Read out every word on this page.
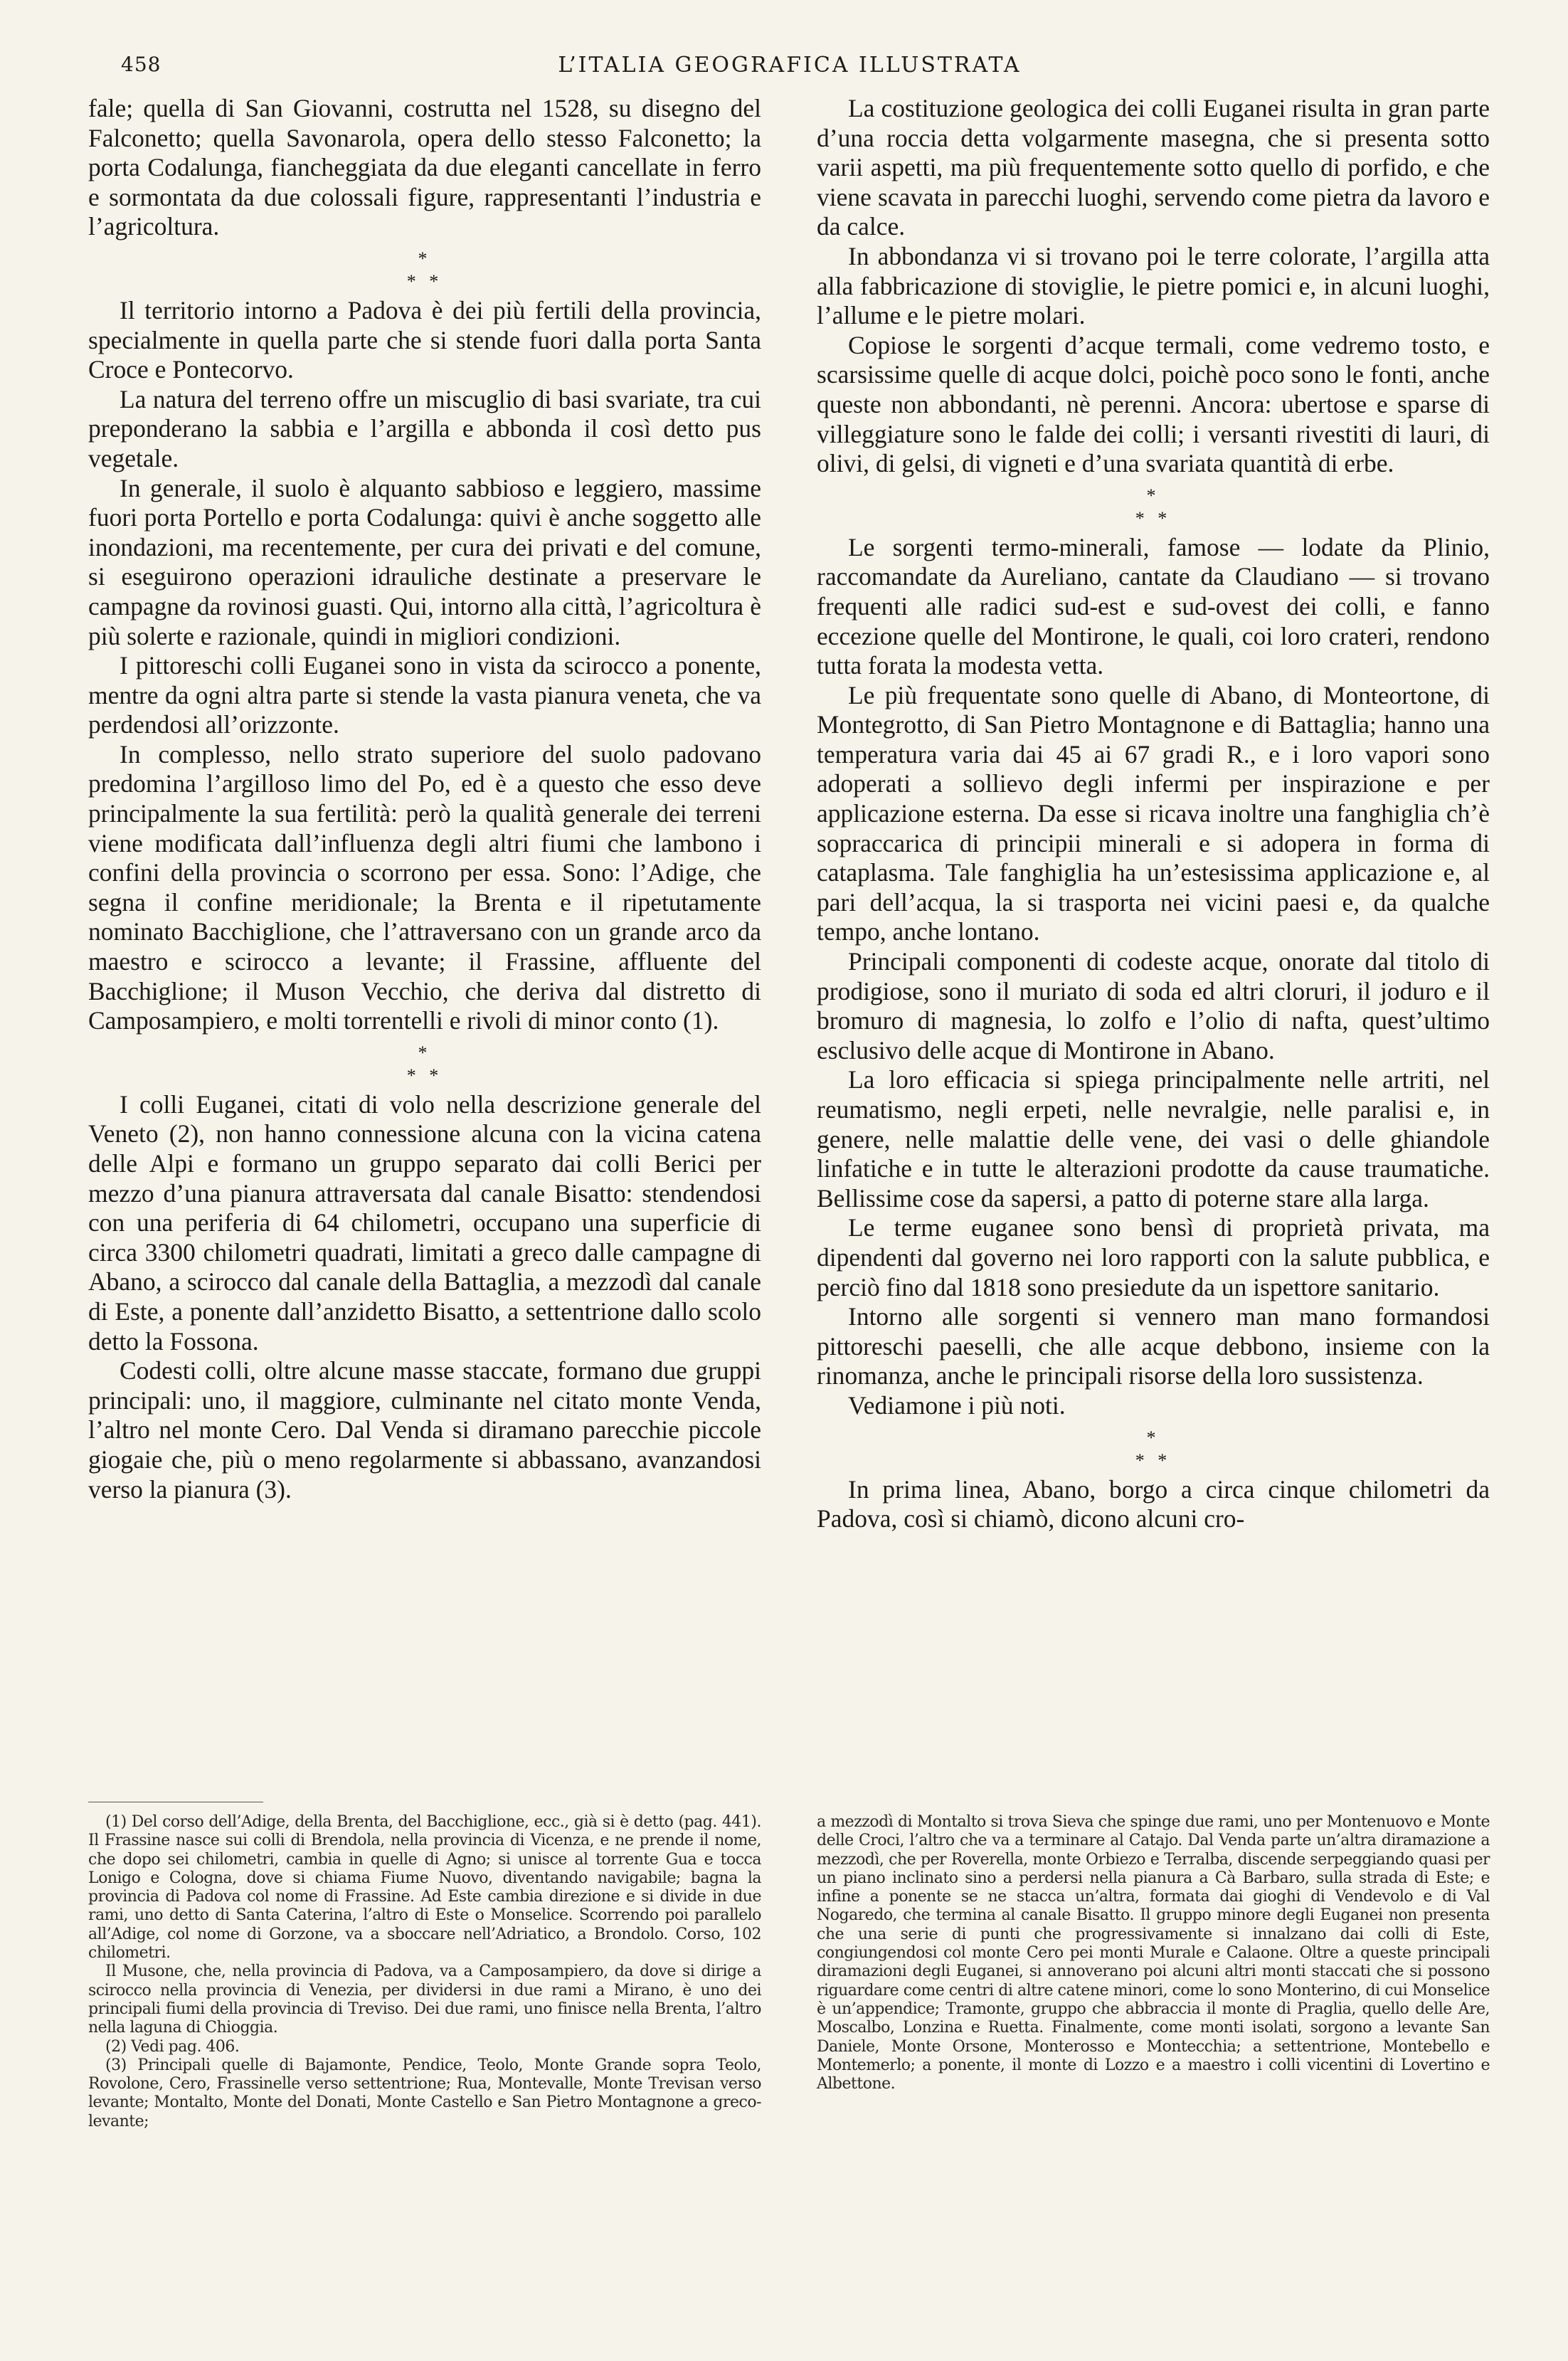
458	L’ITALIA GEOGRAFICA ILLUSTRATA

fale; quella di San Giovanni, costrutta nel 1528, su disegno del Falconetto; quella Savonarola, opera dello stesso Falconetto; la porta Codalunga, fiancheggiata da due eleganti cancellate in ferro e sormontata da due colossali figure, rappresentanti l’industria e l’agricoltura.

*
* *

Il territorio intorno a Padova è dei più fertili della provincia, specialmente in quella parte che si stende fuori dalla porta Santa Croce e Pontecorvo.

La natura del terreno offre un miscuglio di basi svariate, tra cui preponderano la sabbia e l’argilla e abbonda il così detto pus vegetale.

In generale, il suolo è alquanto sabbioso e leggiero, massime fuori porta Portello e porta Codalunga: quivi è anche soggetto alle inondazioni, ma recentemente, per cura dei privati e del comune, si eseguirono operazioni idrauliche destinate a preservare le campagne da rovinosi guasti. Qui, intorno alla città, l’agricoltura è più solerte e razionale, quindi in migliori condizioni.

I pittoreschi colli Euganei sono in vista da scirocco a ponente, mentre da ogni altra parte si stende la vasta pianura veneta, che va perdendosi all’orizzonte.

In complesso, nello strato superiore del suolo padovano predomina l’argilloso limo del Po, ed è a questo che esso deve principalmente la sua fertilità: però la qualità generale dei terreni viene modificata dall’influenza degli altri fiumi che lambono i confini della provincia o scorrono per essa. Sono: l’Adige, che segna il confine meridionale; la Brenta e il ripetutamente nominato Bacchiglione, che l’attraversano con un grande arco da maestro e scirocco a levante; il Frassine, affluente del Bacchiglione; il Muson Vecchio, che deriva dal distretto di Camposampiero, e molti torrentelli e rivoli di minor conto (1).

*
* *

I colli Euganei, citati di volo nella descrizione generale del Veneto (2), non hanno connessione alcuna con la vicina catena delle Alpi e formano un gruppo separato dai colli Berici per mezzo d’una pianura attraversata dal canale Bisatto: stendendosi con una periferia di 64 chilometri, occupano una superficie di circa 3300 chilometri quadrati, limitati a greco dalle campagne di Abano, a scirocco dal canale della Battaglia, a mezzodì dal canale di Este, a ponente dall’anzidetto Bisatto, a settentrione dallo scolo detto la Fossona.

Codesti colli, oltre alcune masse staccate, formano due gruppi principali: uno, il maggiore, culminante nel citato monte Venda, l’altro nel monte Cero. Dal Venda si diramano parecchie piccole giogaie che, più o meno regolarmente si abbassano, avanzandosi verso la pianura (3).

La costituzione geologica dei colli Euganei risulta in gran parte d’una roccia detta volgarmente masegna, che si presenta sotto varii aspetti, ma più frequentemente sotto quello di porfido, e che viene scavata in parecchi luoghi, servendo come pietra da lavoro e da calce.

In abbondanza vi si trovano poi le terre colorate, l’argilla atta alla fabbricazione di stoviglie, le pietre pomici e, in alcuni luoghi, l’allume e le pietre molari.

Copiose le sorgenti d’acque termali, come vedremo tosto, e scarsissime quelle di acque dolci, poichè poco sono le fonti, anche queste non abbondanti, nè perenni. Ancora: ubertose e sparse di villeggiature sono le falde dei colli; i versanti rivestiti di lauri, di olivi, di gelsi, di vigneti e d’una svariata quantità di erbe.

*
* *

Le sorgenti termo-minerali, famose — lodate da Plinio, raccomandate da Aureliano, cantate da Claudiano — si trovano frequenti alle radici sud-est e sud-ovest dei colli, e fanno eccezione quelle del Montirone, le quali, coi loro crateri, rendono tutta forata la modesta vetta.

Le più frequentate sono quelle di Abano, di Monteortone, di Montegrotto, di San Pietro Montagnone e di Battaglia; hanno una temperatura varia dai 45 ai 67 gradi R., e i loro vapori sono adoperati a sollievo degli infermi per inspirazione e per applicazione esterna. Da esse si ricava inoltre una fanghiglia ch’è sopraccarica di principii minerali e si adopera in forma di cataplasma. Tale fanghiglia ha un’estesissima applicazione e, al pari dell’acqua, la si trasporta nei vicini paesi e, da qualche tempo, anche lontano.

Principali componenti di codeste acque, onorate dal titolo di prodigiose, sono il muriato di soda ed altri cloruri, il joduro e il bromuro di magnesia, lo zolfo e l’olio di nafta, quest’ultimo esclusivo delle acque di Montirone in Abano.

La loro efficacia si spiega principalmente nelle artriti, nel reumatismo, negli erpeti, nelle nevralgie, nelle paralisi e, in genere, nelle malattie delle vene, dei vasi o delle ghiandole linfatiche e in tutte le alterazioni prodotte da cause traumatiche. Bellissime cose da sapersi, a patto di poterne stare alla larga.

Le terme euganee sono bensì di proprietà privata, ma dipendenti dal governo nei loro rapporti con la salute pubblica, e perciò fino dal 1818 sono presiedute da un ispettore sanitario.

Intorno alle sorgenti si vennero man mano formandosi pittoreschi paeselli, che alle acque debbono, insieme con la rinomanza, anche le principali risorse della loro sussistenza.

Vediamone i più noti.

*
* *

In prima linea, Abano, borgo a circa cinque chilometri da Padova, così si chiamò, dicono alcuni cro-

(1) Del corso dell’Adige, della Brenta, del Bacchiglione, ecc., già si è detto (pag. 441). Il Frassine nasce sui colli di Brendola, nella provincia di Vicenza, e ne prende il nome, che dopo sei chilometri, cambia in quelle di Agno; si unisce al torrente Gua e tocca Lonigo e Cologna, dove si chiama Fiume Nuovo, diventando navigabile; bagna la provincia di Padova col nome di Frassine. Ad Este cambia direzione e si divide in due rami, uno detto di Santa Caterina, l’altro di Este o Monselice. Scorrendo poi parallelo all’Adige, col nome di Gorzone, va a sboccare nell’Adriatico, a Brondolo. Corso, 102 chilometri.

Il Musone, che, nella provincia di Padova, va a Camposampiero, da dove si dirige a scirocco nella provincia di Venezia, per dividersi in due rami a Mirano, è uno dei principali fiumi della provincia di Treviso. Dei due rami, uno finisce nella Brenta, l’altro nella laguna di Chioggia.

(2) Vedi pag. 406.

(3) Principali quelle di Bajamonte, Pendice, Teolo, Monte Grande sopra Teolo, Rovolone, Cero, Frassinelle verso settentrione; Rua, Montevalle, Monte Trevisan verso levante; Montalto, Monte del Donati, Monte Castello e San Pietro Montagnone a greco-levante;

a mezzodì di Montalto si trova Sieva che spinge due rami, uno per Montenuovo e Monte delle Croci, l’altro che va a terminare al Catajo. Dal Venda parte un’altra diramazione a mezzodì, che per Roverella, monte Orbiezo e Terralba, discende serpeggiando quasi per un piano inclinato sino a perdersi nella pianura a Cà Barbaro, sulla strada di Este; e infine a ponente se ne stacca un’altra, formata dai gioghi di Vendevolo e di Val Nogaredo, che termina al canale Bisatto. Il gruppo minore degli Euganei non presenta che una serie di punti che progressivamente si innalzano dai colli di Este, congiungendosi col monte Cero pei monti Murale e Calaone. Oltre a queste principali diramazioni degli Euganei, si annoverano poi alcuni altri monti staccati che si possono riguardare come centri di altre catene minori, come lo sono Monterino, di cui Monselice è un’appendice; Tramonte, gruppo che abbraccia il monte di Praglia, quello delle Are, Moscalbo, Lonzina e Ruetta. Finalmente, come monti isolati, sorgono a levante San Daniele, Monte Orsone, Monterosso e Montecchia; a settentrione, Montebello e Montemerlo; a ponente, il monte di Lozzo e a maestro i colli vicentini di Lovertino e Albettone.
